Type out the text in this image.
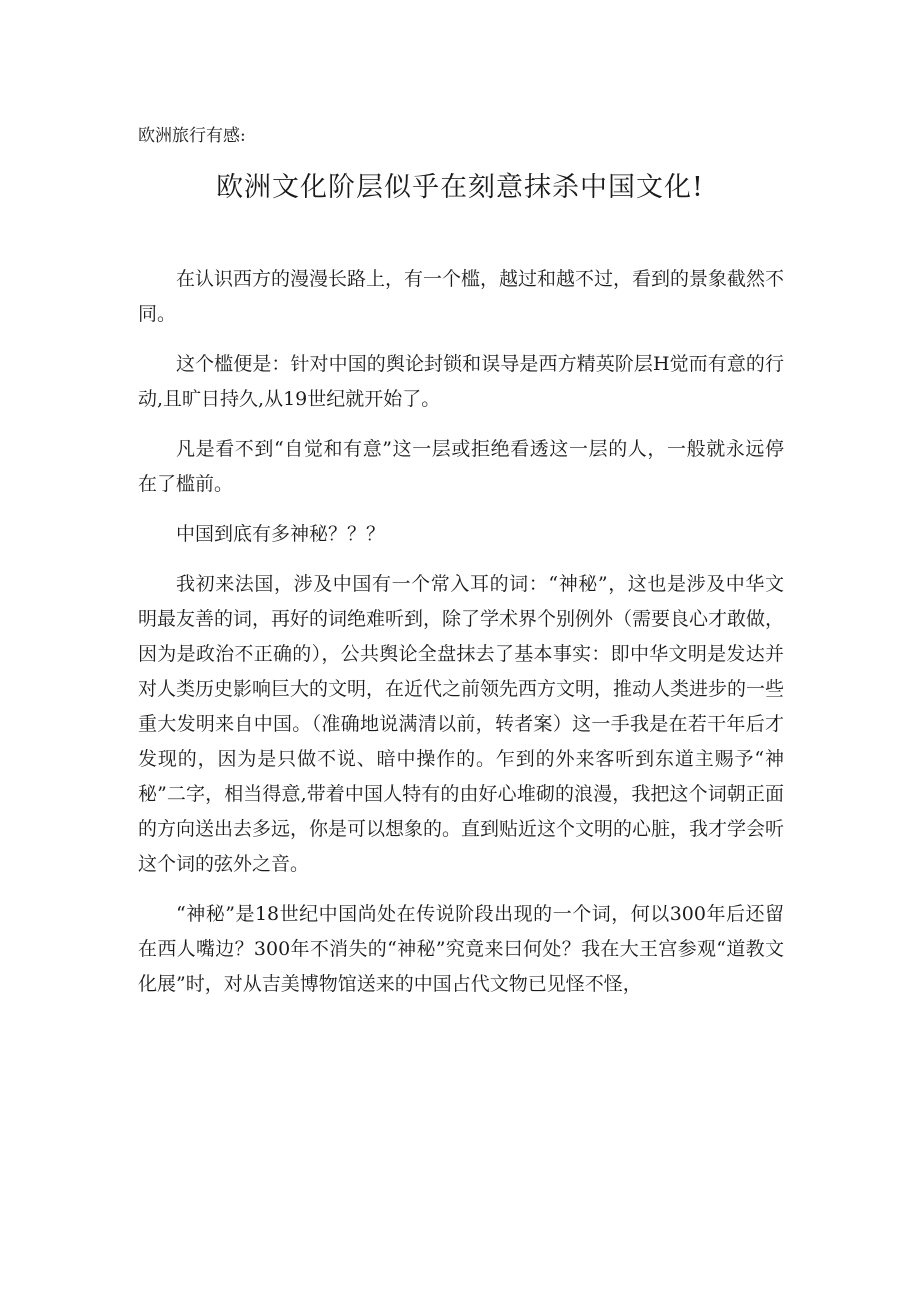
欧洲旅行有感:
欧洲文化阶层似乎在刻意抹杀中国文化!

在认识西方的漫漫长路上，有一个槛，越过和越不过，看到的景象截然不同。

这个槛便是：针对中国的舆论封锁和误导是西方精英阶层H觉而有意的行动,且旷日持久,从19世纪就开始了。

凡是看不到“自觉和有意”这一层或拒绝看透这一层的人，一般就永远停在了槛前。

中国到底有多神秘？？？

我初来法国，涉及中国有一个常入耳的词：“神秘”，这也是涉及中华文明最友善的词，再好的词绝难听到，除了学术界个别例外（需要良心才敢做，因为是政治不正确的），公共舆论全盘抹去了基本事实：即中华文明是发达并对人类历史影响巨大的文明，在近代之前领先西方文明，推动人类进步的一些重大发明来自中国。（准确地说满清以前，转者案）这一手我是在若干年后才发现的，因为是只做不说、暗中操作的。乍到的外来客听到东道主赐予“神秘”二字，相当得意,带着中国人特有的由好心堆砌的浪漫，我把这个词朝正面的方向送出去多远，你是可以想象的。直到贴近这个文明的心脏，我才学会听这个词的弦外之音。

“神秘”是18世纪中国尚处在传说阶段出现的一个词，何以300年后还留在西人嘴边？300年不消失的“神秘”究竟来曰何处？我在大王宫参观“道教文化展”时，对从吉美博物馆送来的中国占代文物已见怪不怪，
